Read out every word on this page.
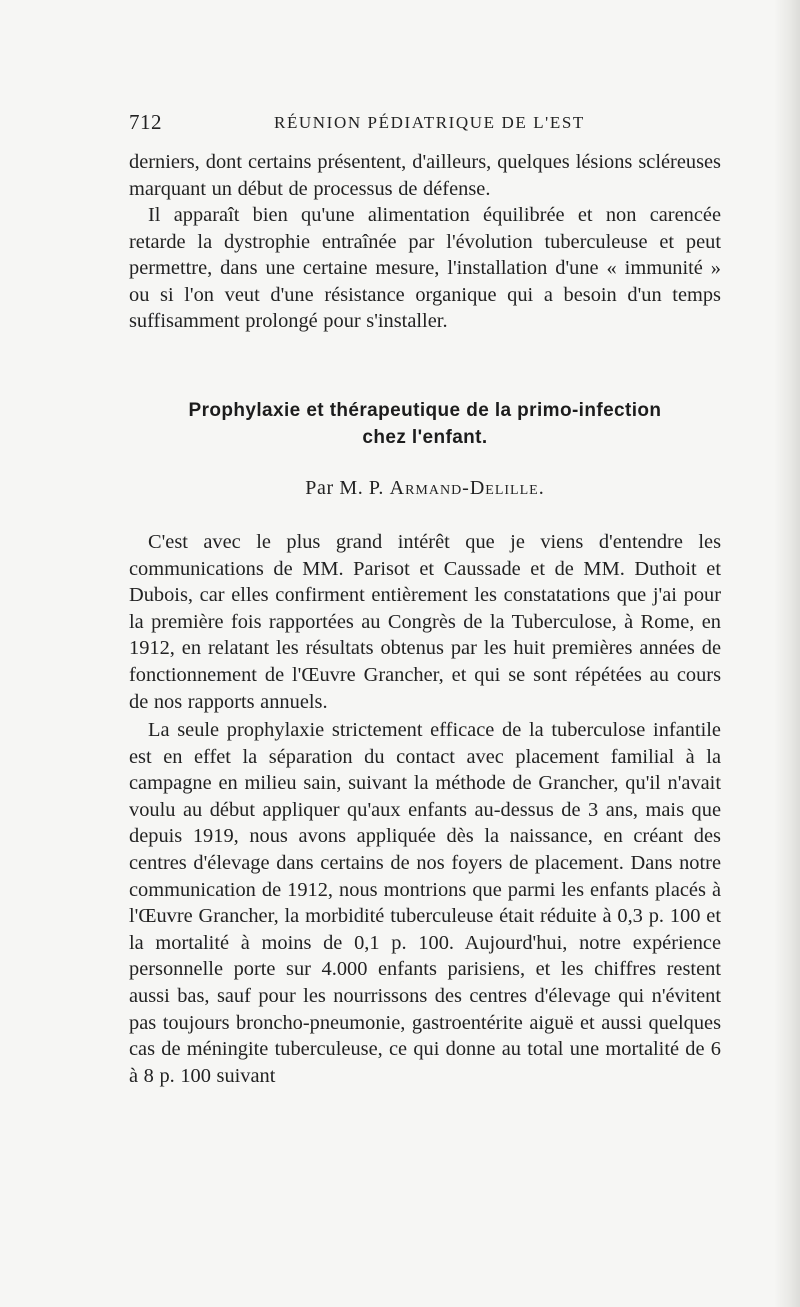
712	RÉUNION PÉDIATRIQUE DE L'EST

derniers, dont certains présentent, d'ailleurs, quelques lésions scléreuses marquant un début de processus de défense.

Il apparaît bien qu'une alimentation équilibrée et non carencée retarde la dystrophie entraînée par l'évolution tuberculeuse et peut permettre, dans une certaine mesure, l'installation d'une « immunité » ou si l'on veut d'une résistance organique qui a besoin d'un temps suffisamment prolongé pour s'installer.

Prophylaxie et thérapeutique de la primo-infection
chez l'enfant.

Par M. P. Armand-Delille.

C'est avec le plus grand intérêt que je viens d'entendre les communications de MM. Parisot et Caussade et de MM. Duthoit et Dubois, car elles confirment entièrement les constatations que j'ai pour la première fois rapportées au Congrès de la Tuberculose, à Rome, en 1912, en relatant les résultats obtenus par les huit premières années de fonctionnement de l'Œuvre Grancher, et qui se sont répétées au cours de nos rapports annuels.

La seule prophylaxie strictement efficace de la tuberculose infantile est en effet la séparation du contact avec placement familial à la campagne en milieu sain, suivant la méthode de Grancher, qu'il n'avait voulu au début appliquer qu'aux enfants au-dessus de 3 ans, mais que depuis 1919, nous avons appliquée dès la naissance, en créant des centres d'élevage dans certains de nos foyers de placement. Dans notre communication de 1912, nous montrions que parmi les enfants placés à l'Œuvre Grancher, la morbidité tuberculeuse était réduite à 0,3 p. 100 et la mortalité à moins de 0,1 p. 100. Aujourd'hui, notre expérience personnelle porte sur 4.000 enfants parisiens, et les chiffres restent aussi bas, sauf pour les nourrissons des centres d'élevage qui n'évitent pas toujours broncho-pneumonie, gastroentérite aiguë et aussi quelques cas de méningite tuberculeuse, ce qui donne au total une mortalité de 6 à 8 p. 100 suivant
